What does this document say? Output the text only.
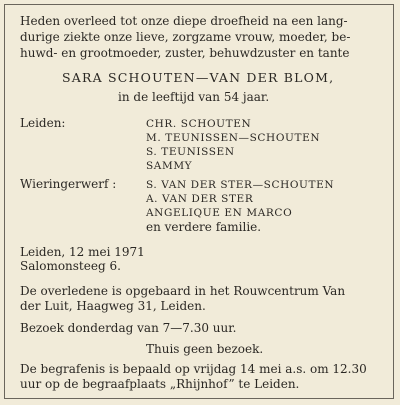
Heden overleed tot onze diepe droefheid na een lang-
durige ziekte onze lieve, zorgzame vrouw, moeder, be-
huwd- en grootmoeder, zuster, behuwdzuster en tante
SARA SCHOUTEN—VAN DER BLOM,
in de leeftijd van 54 jaar.
Leiden:	CHR. SCHOUTEN
M. TEUNISSEN—SCHOUTEN
S. TEUNISSEN
SAMMY
Wieringerwerf :	S. VAN DER STER—SCHOUTEN
A. VAN DER STER
ANGELIQUE EN MARCO
en verdere familie.
Leiden, 12 mei 1971
Salomonsteeg 6.
De overledene is opgebaard in het Rouwcentrum Van
der Luit, Haagweg 31, Leiden.
Bezoek donderdag van 7—7.30 uur.
Thuis geen bezoek.
De begrafenis is bepaald op vrijdag 14 mei a.s. om 12.30
uur op de begraafplaats „Rhijnhof” te Leiden.
